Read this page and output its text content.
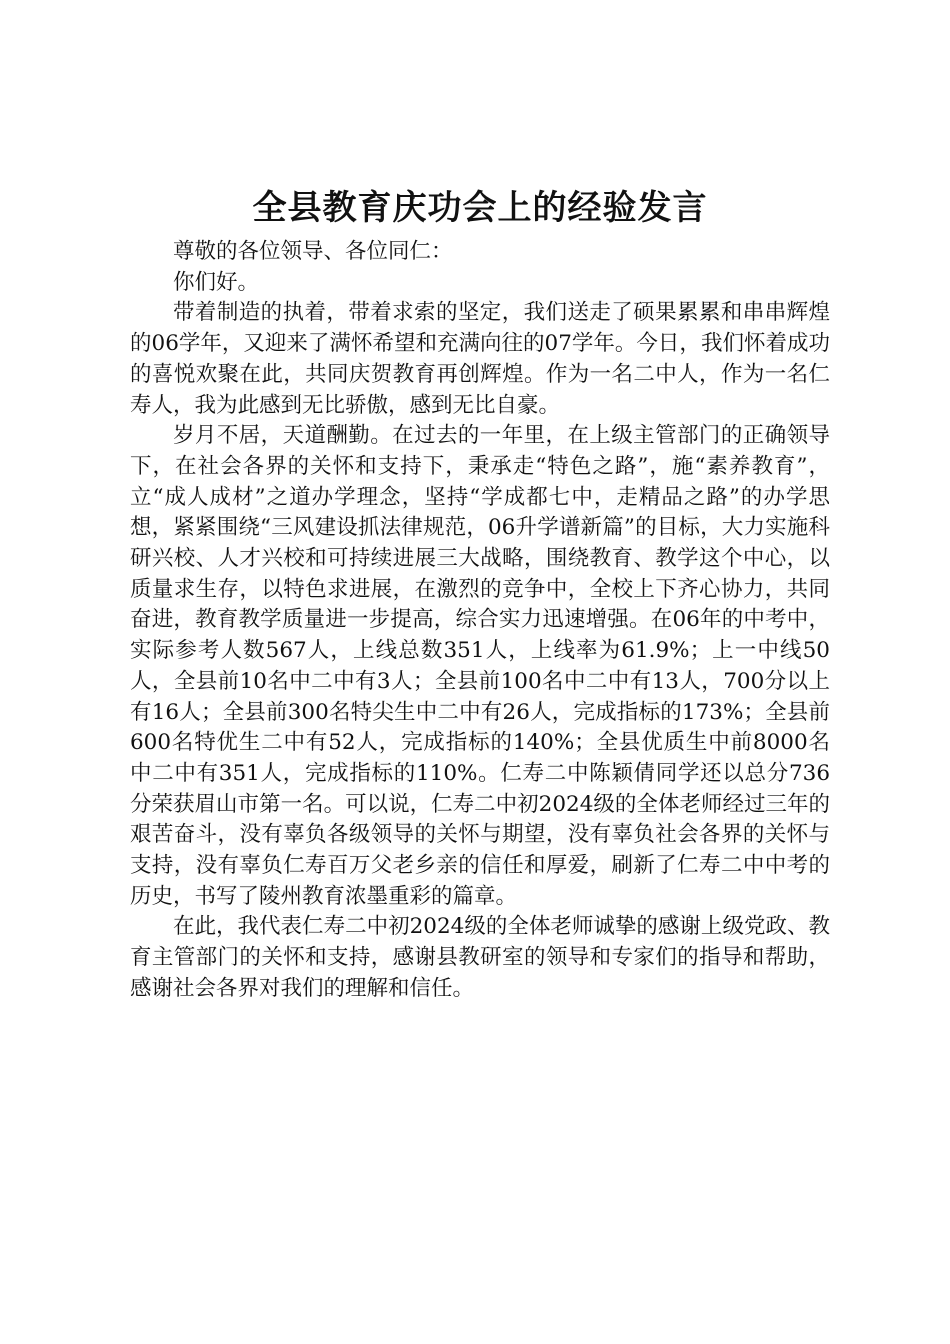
全县教育庆功会上的经验发言

尊敬的各位领导、各位同仁：

你们好。

带着制造的执着，带着求索的坚定，我们送走了硕果累累和串串辉煌的06学年，又迎来了满怀希望和充满向往的07学年。今日，我们怀着成功的喜悦欢聚在此，共同庆贺教育再创辉煌。作为一名二中人，作为一名仁寿人，我为此感到无比骄傲，感到无比自豪。

岁月不居，天道酬勤。在过去的一年里，在上级主管部门的正确领导下，在社会各界的关怀和支持下，秉承走“特色之路”，施“素养教育”，立“成人成材”之道办学理念，坚持“学成都七中，走精品之路”的办学思想，紧紧围绕“三风建设抓法律规范，06升学谱新篇”的目标，大力实施科研兴校、人才兴校和可持续进展三大战略，围绕教育、教学这个中心，以质量求生存，以特色求进展，在激烈的竞争中，全校上下齐心协力，共同奋进，教育教学质量进一步提高，综合实力迅速增强。在06年的中考中，实际参考人数567人，上线总数351人，上线率为61.9%；上一中线50人，全县前10名中二中有3人；全县前100名中二中有13人，700分以上有16人；全县前300名特尖生中二中有26人，完成指标的173%；全县前600名特优生二中有52人，完成指标的140%；全县优质生中前8000名中二中有351人，完成指标的110%。仁寿二中陈颖倩同学还以总分736分荣获眉山市第一名。可以说，仁寿二中初2024级的全体老师经过三年的艰苦奋斗，没有辜负各级领导的关怀与期望，没有辜负社会各界的关怀与支持，没有辜负仁寿百万父老乡亲的信任和厚爱，刷新了仁寿二中中考的历史，书写了陵州教育浓墨重彩的篇章。

在此，我代表仁寿二中初2024级的全体老师诚挚的感谢上级党政、教育主管部门的关怀和支持，感谢县教研室的领导和专家们的指导和帮助，感谢社会各界对我们的理解和信任。
